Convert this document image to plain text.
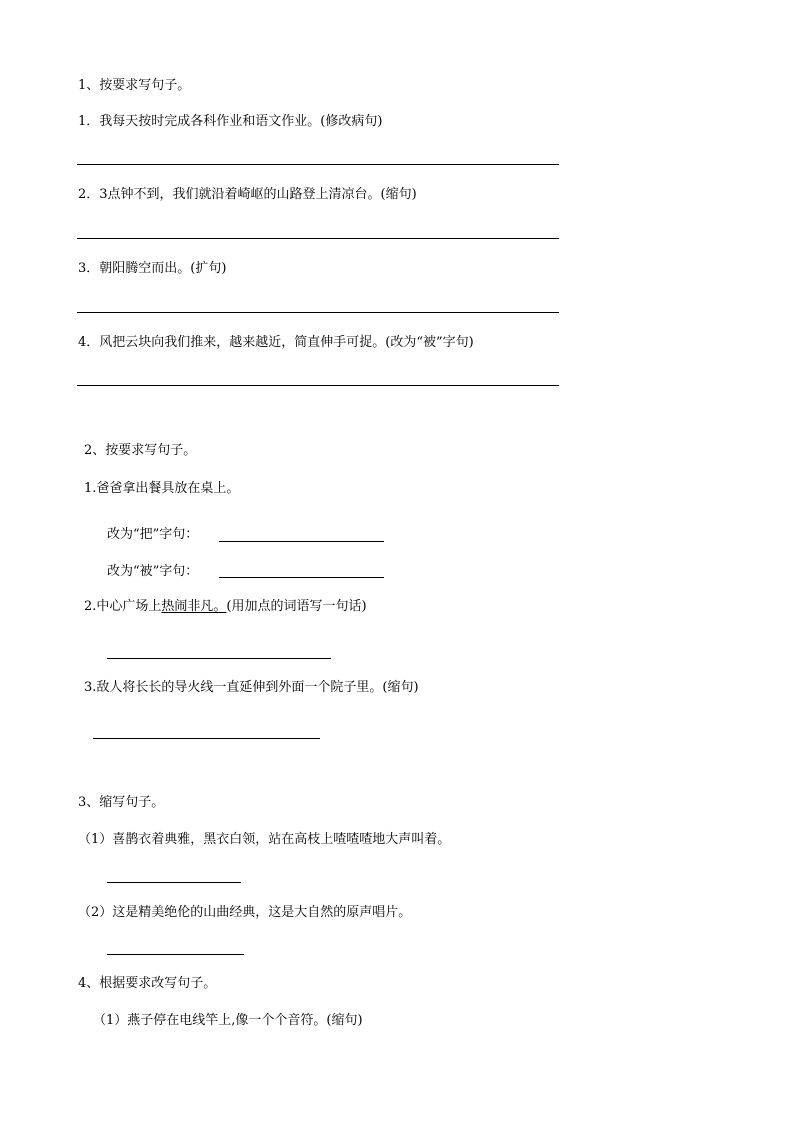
1、按要求写句子。
1．我每天按时完成各科作业和语文作业。(修改病句)
2．3点钟不到，我们就沿着崎岖的山路登上清凉台。(缩句)
3．朝阳腾空而出。(扩句)
4．风把云块向我们推来，越来越近，简直伸手可捉。(改为“被”字句)
2、按要求写句子。
1.爸爸拿出餐具放在桌上。
改为“把”字句：
改为“被”字句：
2.中心广场上热闹非凡。(用加点的词语写一句话)
3.敌人将长长的导火线一直延伸到外面一个院子里。(缩句)
3、缩写句子。
（1）喜鹊衣着典雅，黑衣白领，站在高枝上喳喳喳地大声叫着。
（2）这是精美绝伦的山曲经典，这是大自然的原声唱片。
4、根据要求改写句子。
（1）燕子停在电线竿上,像一个个音符。(缩句)
